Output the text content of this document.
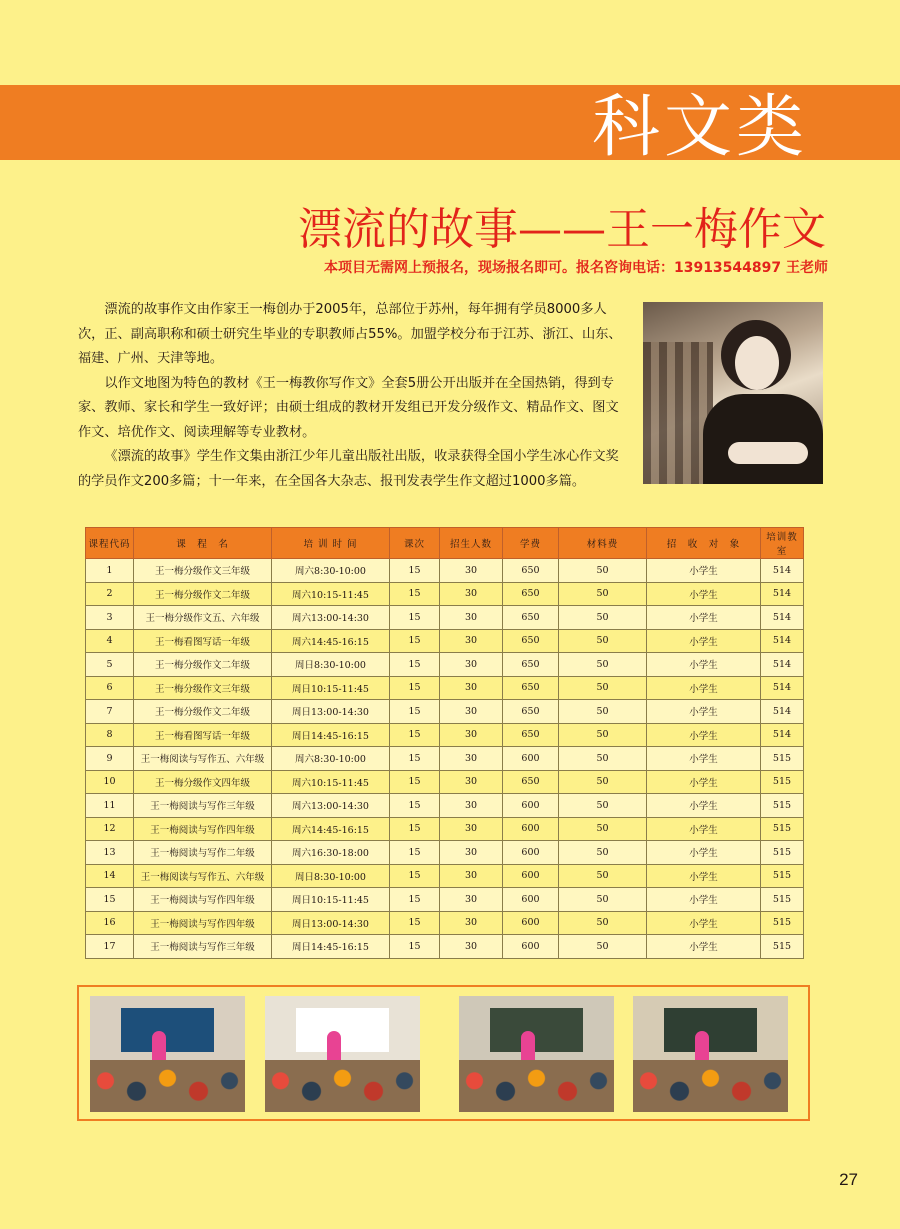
科文类
漂流的故事——王一梅作文
本项目无需网上预报名，现场报名即可。报名咨询电话：13913544897 王老师

漂流的故事作文由作家王一梅创办于2005年，总部位于苏州，每年拥有学员8000多人次，正、副高职称和硕士研究生毕业的专职教师占55%。加盟学校分布于江苏、浙江、山东、福建、广州、天津等地。

以作文地图为特色的教材《王一梅教你写作文》全套5册公开出版并在全国热销，得到专家、教师、家长和学生一致好评；由硕士组成的教材开发组已开发分级作文、精品作文、图文作文、培优作文、阅读理解等专业教材。

《漂流的故事》学生作文集由浙江少年儿童出版社出版，收录获得全国小学生冰心作文奖的学员作文200多篇；十一年来，在全国各大杂志、报刊发表学生作文超过1000多篇。

课程代码	课　程　名	培 训 时 间	课次	招生人数	学费	材料费	招　收　对　象	培训教室
1	王一梅分级作文三年级	周六8:30-10:00	15	30	650	50	小学生	514
2	王一梅分级作文二年级	周六10:15-11:45	15	30	650	50	小学生	514
3	王一梅分级作文五、六年级	周六13:00-14:30	15	30	650	50	小学生	514
4	王一梅看图写话一年级	周六14:45-16:15	15	30	650	50	小学生	514
5	王一梅分级作文二年级	周日8:30-10:00	15	30	650	50	小学生	514
6	王一梅分级作文三年级	周日10:15-11:45	15	30	650	50	小学生	514
7	王一梅分级作文二年级	周日13:00-14:30	15	30	650	50	小学生	514
8	王一梅看图写话一年级	周日14:45-16:15	15	30	650	50	小学生	514
9	王一梅阅读与写作五、六年级	周六8:30-10:00	15	30	600	50	小学生	515
10	王一梅分级作文四年级	周六10:15-11:45	15	30	650	50	小学生	515
11	王一梅阅读与写作三年级	周六13:00-14:30	15	30	600	50	小学生	515
12	王一梅阅读与写作四年级	周六14:45-16:15	15	30	600	50	小学生	515
13	王一梅阅读与写作二年级	周六16:30-18:00	15	30	600	50	小学生	515
14	王一梅阅读与写作五、六年级	周日8:30-10:00	15	30	600	50	小学生	515
15	王一梅阅读与写作四年级	周日10:15-11:45	15	30	600	50	小学生	515
16	王一梅阅读与写作四年级	周日13:00-14:30	15	30	600	50	小学生	515
17	王一梅阅读与写作三年级	周日14:45-16:15	15	30	600	50	小学生	515
27
